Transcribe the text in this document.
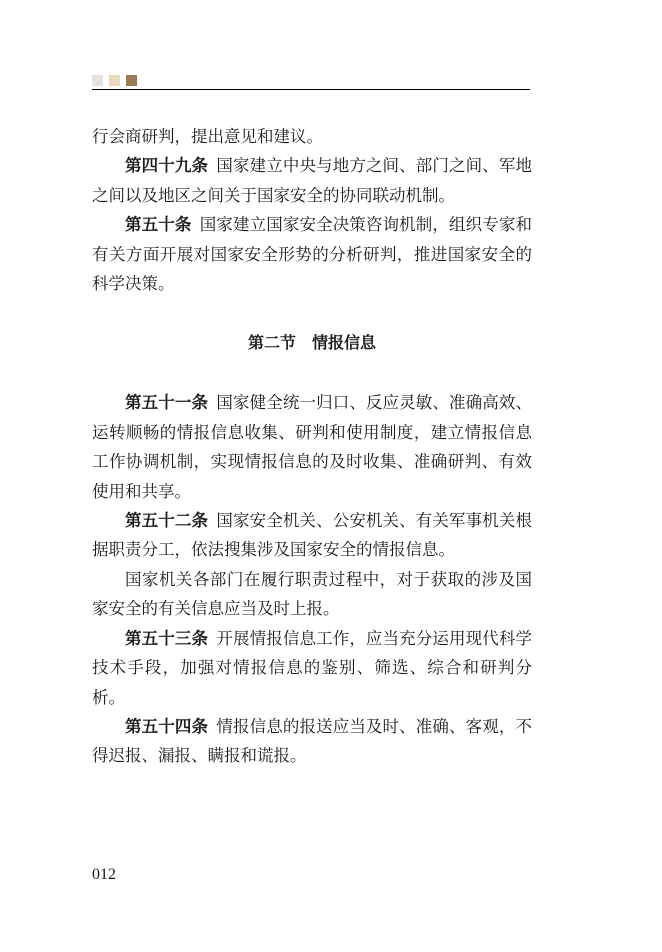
行会商研判，提出意见和建议。

第四十九条 国家建立中央与地方之间、部门之间、军地之间以及地区之间关于国家安全的协同联动机制。

第五十条 国家建立国家安全决策咨询机制，组织专家和有关方面开展对国家安全形势的分析研判，推进国家安全的科学决策。

第二节　情报信息

第五十一条 国家健全统一归口、反应灵敏、准确高效、运转顺畅的情报信息收集、研判和使用制度，建立情报信息工作协调机制，实现情报信息的及时收集、准确研判、有效使用和共享。

第五十二条 国家安全机关、公安机关、有关军事机关根据职责分工，依法搜集涉及国家安全的情报信息。

国家机关各部门在履行职责过程中，对于获取的涉及国家安全的有关信息应当及时上报。

第五十三条 开展情报信息工作，应当充分运用现代科学技术手段，加强对情报信息的鉴别、筛选、综合和研判分析。

第五十四条 情报信息的报送应当及时、准确、客观，不得迟报、漏报、瞒报和谎报。

012
